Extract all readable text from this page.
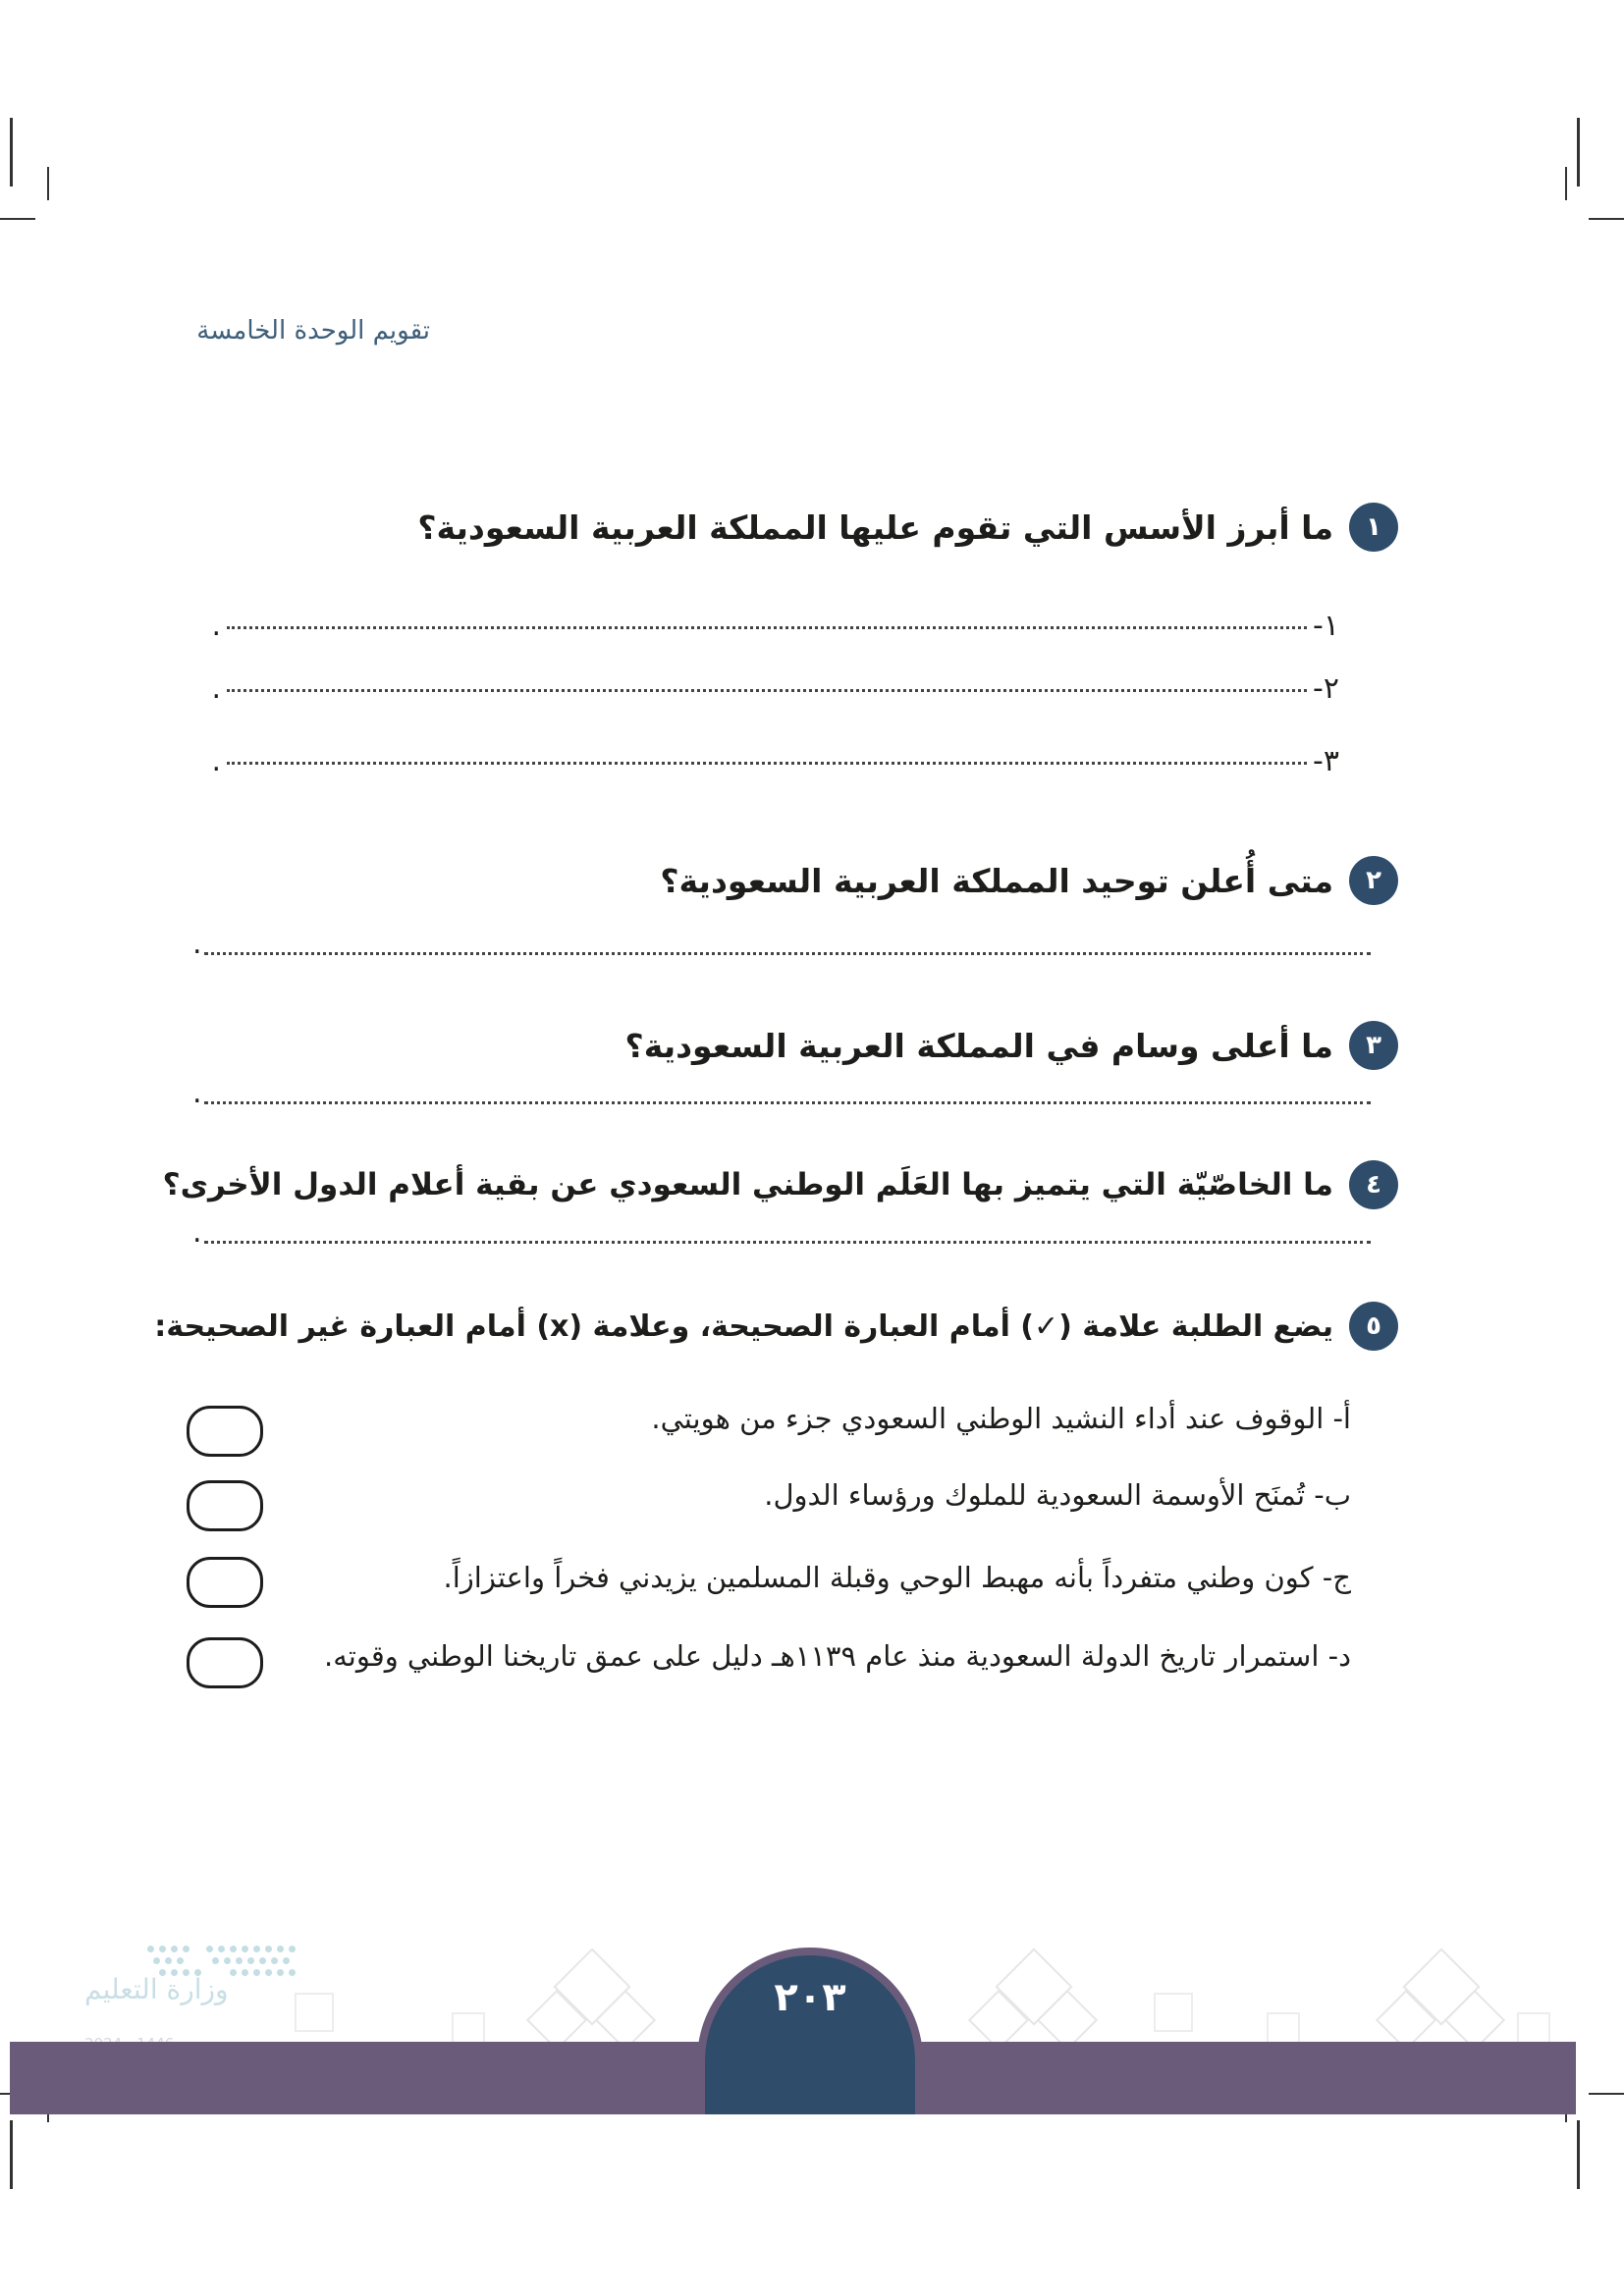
تقويم الوحدة الخامسة
١
ما أبرز الأسس التي تقوم عليها المملكة العربية السعودية؟
١-
.
٢-
.
٣-
.
٢
متى أُعلن توحيد المملكة العربية السعودية؟
.
٣
ما أعلى وسام في المملكة العربية السعودية؟
.
٤
ما الخاصّيّة التي يتميز بها العَلَم الوطني السعودي عن بقية أعلام الدول الأخرى؟
.
٥
يضع الطلبة علامة (✓) أمام العبارة الصحيحة، وعلامة (x) أمام العبارة غير الصحيحة:
أ- الوقوف عند أداء النشيد الوطني السعودي جزء من هويتي.
ب- تُمنَح الأوسمة السعودية للملوك ورؤساء الدول.
ج- كون وطني متفرداً بأنه مهبط الوحي وقبلة المسلمين يزيدني فخراً واعتزازاً.
د- استمرار تاريخ الدولة السعودية منذ عام ١١٣٩هـ دليل على عمق تاريخنا الوطني وقوته.
وزارة التعليم	٢٠٣
